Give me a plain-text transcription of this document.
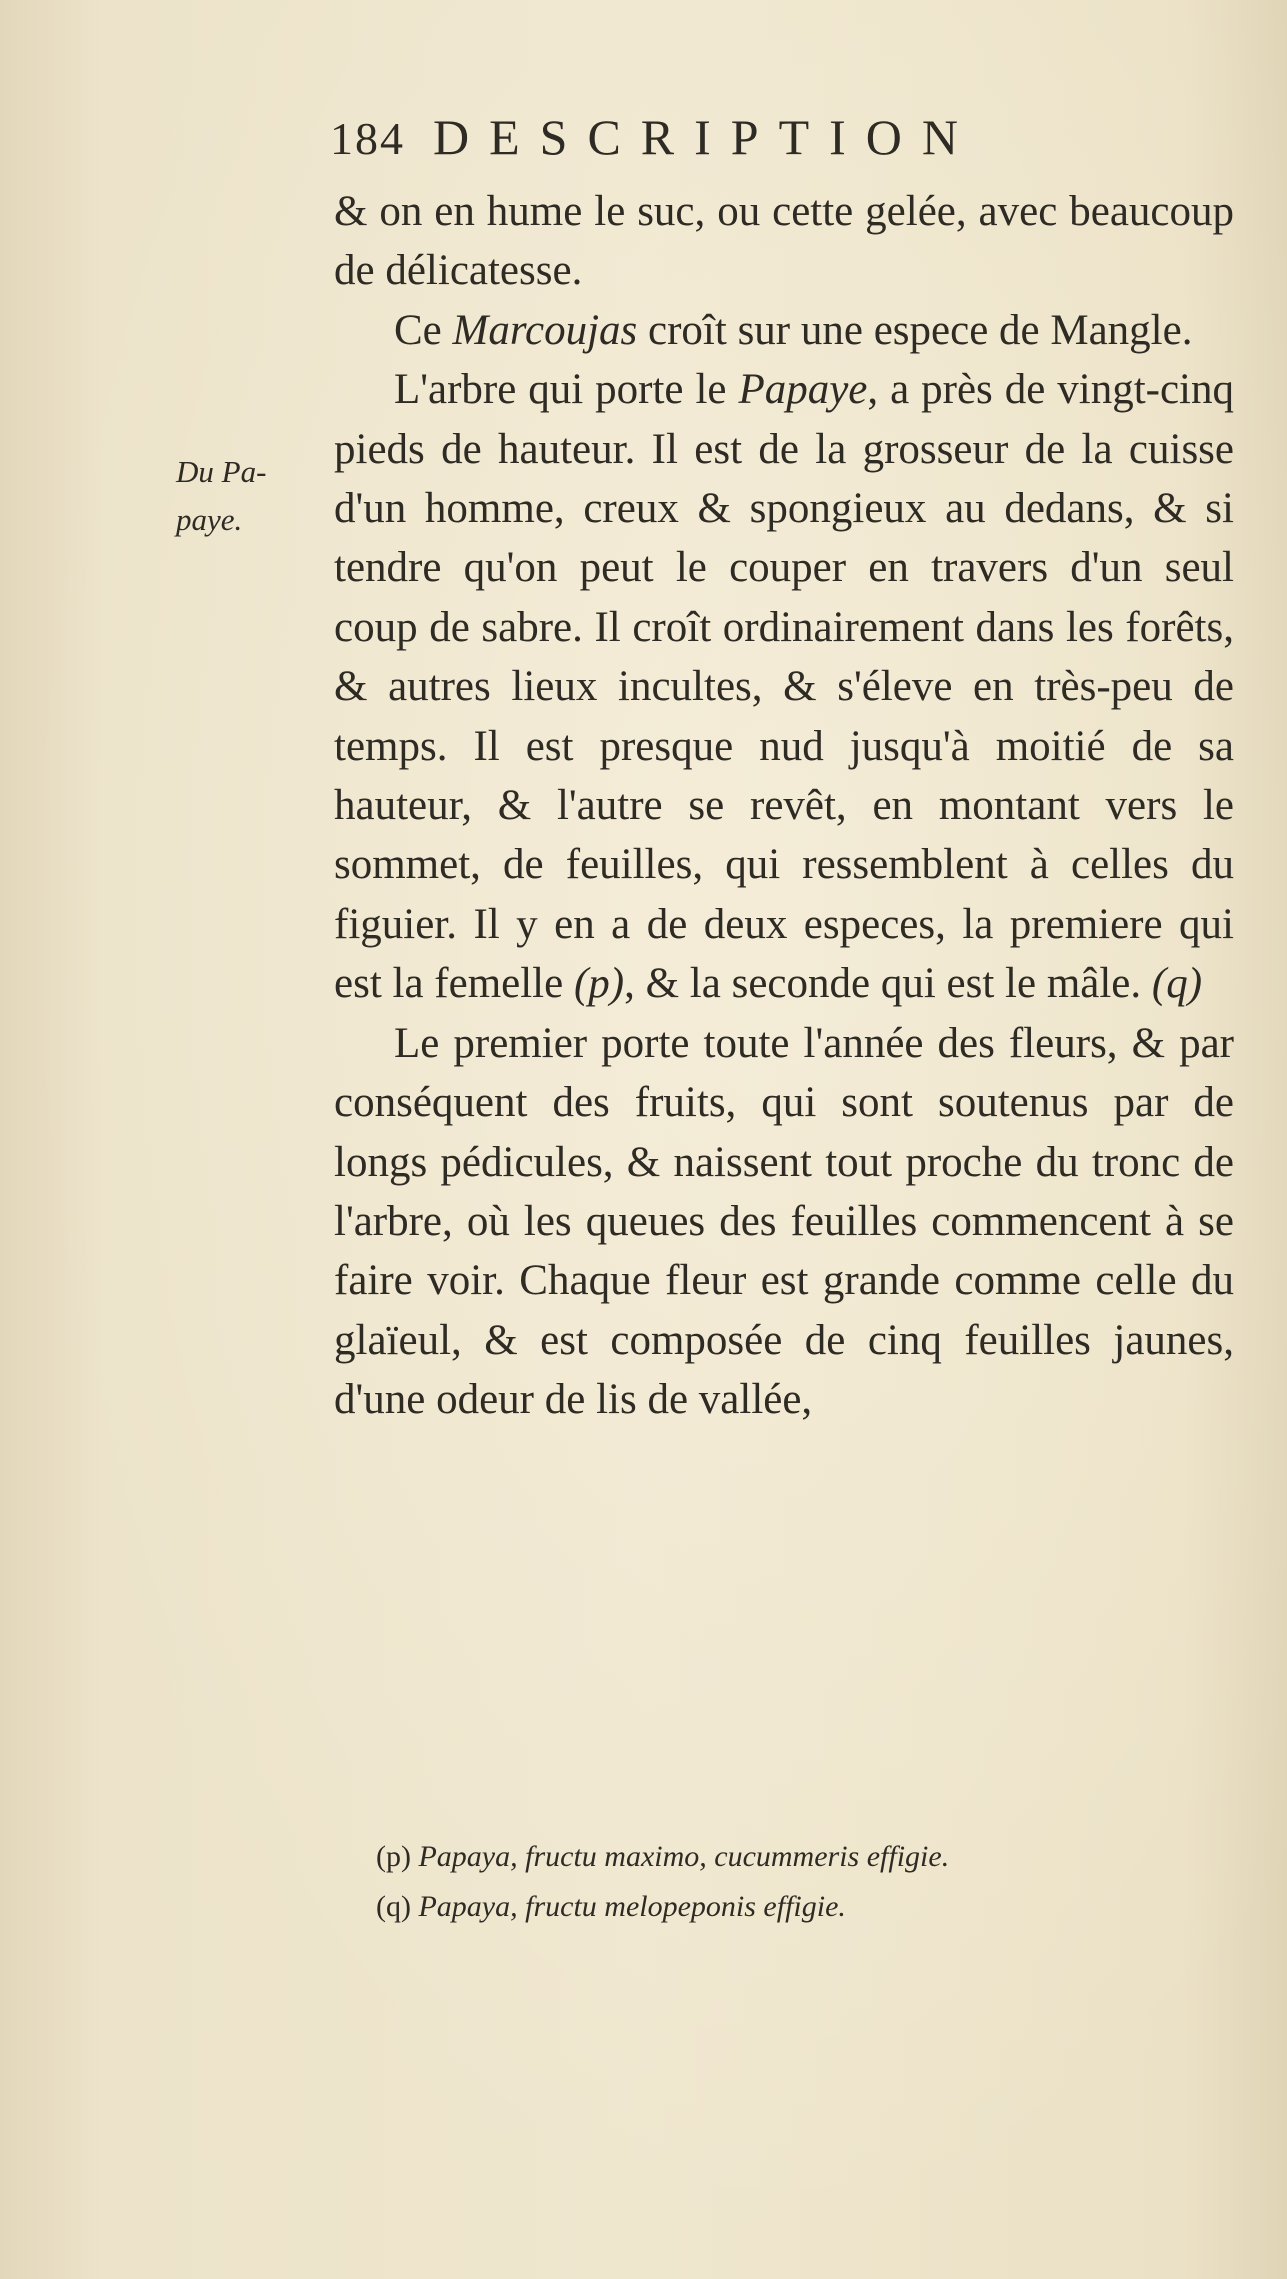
184 DESCRIPTION
Du Pa-
paye.

& on en hume le suc, ou cette gelée, avec beaucoup de délicatesse.

Ce Marcoujas croît sur une espece de Mangle.

L'arbre qui porte le Papaye, a près de vingt-cinq pieds de hauteur. Il est de la grosseur de la cuisse d'un homme, creux & spongieux au dedans, & si tendre qu'on peut le couper en travers d'un seul coup de sabre. Il croît ordinairement dans les forêts, & autres lieux incultes, & s'éleve en très-peu de temps. Il est presque nud jusqu'à moitié de sa hauteur, & l'autre se revêt, en montant vers le sommet, de feuilles, qui ressemblent à celles du figuier. Il y en a de deux especes, la premiere qui est la femelle (p), & la seconde qui est le mâle. (q)

Le premier porte toute l'année des fleurs, & par conséquent des fruits, qui sont soutenus par de longs pédicules, & naissent tout proche du tronc de l'arbre, où les queues des feuilles commencent à se faire voir. Chaque fleur est grande comme celle du glaïeul, & est composée de cinq feuilles jaunes, d'une odeur de lis de vallée,

(p) Papaya, fructu maximo, cucummeris effigie.
(q) Papaya, fructu melopeponis effigie.
